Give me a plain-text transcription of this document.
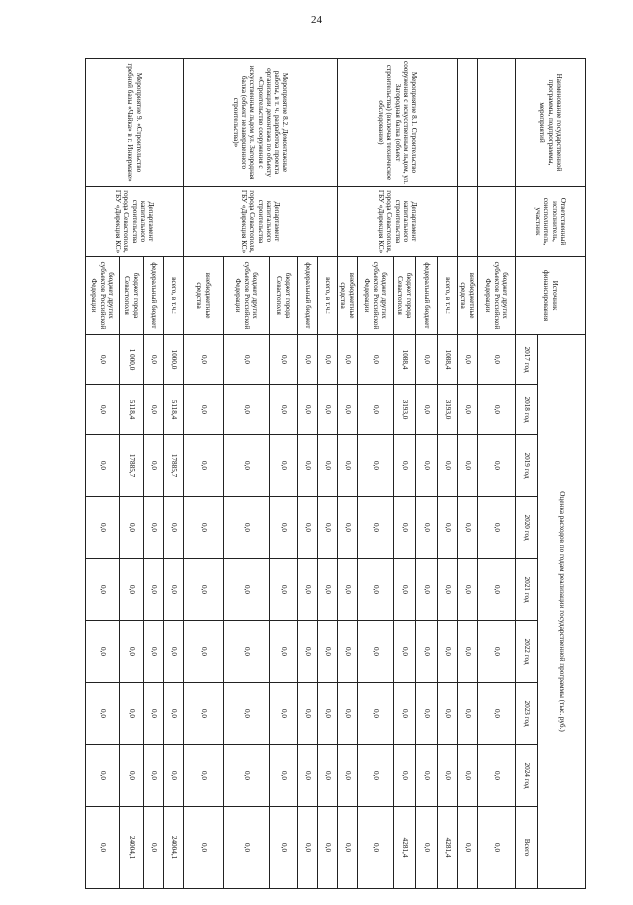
24
Наименование государственной программы, подпрограммы, мероприятий	Ответственный исполнитель, соисполнитель, участник	Источник финансирования	Оценка расходов по годам реализации государственной программы (тыс. руб.)								
			2017 год	2018 год	2019 год	2020 год	2021 год	2022 год	2023 год	2024 год	Всего
		бюджет других субъектов Российской Федерации	0,0	0,0	0,0	0,0	0,0	0,0	0,0	0,0	0,0
		внебюджетные средства	0,0	0,0	0,0	0,0	0,0	0,0	0,0	0,0	0,0
Мероприятие 8.1. Строительство сооружения с искусственным льдом, ул. Загородная балка (объект строительства) (включая техническое обследование)	Департамент капитального строительства города Севастополя, ГБУ «Дирекция КС»	всего, в т.ч.:	1088,4	3193,0	0,0	0,0	0,0	0,0	0,0	0,0	4281,4
		федеральный бюджет	0,0	0,0	0,0	0,0	0,0	0,0	0,0	0,0	0,0
		бюджет города Севастополя	1088,4	3193,0	0,0	0,0	0,0	0,0	0,0	0,0	4281,4
		бюджет других субъектов Российской Федерации	0,0	0,0	0,0	0,0	0,0	0,0	0,0	0,0	0,0
		внебюджетные средства	0,0	0,0	0,0	0,0	0,0	0,0	0,0	0,0	0,0
Мероприятие 8.2. Демонтажные работы, в т. ч. разработка проекта организации демонтажа по объекту «Строительство сооружения с искусственным льдом ул. Загородная балка (объект незавершенного строительства)»	Департамент капитального строительства города Севастополя, ГБУ «Дирекция КС»	всего, в т.ч.:	0,0	0,0	0,0	0,0	0,0	0,0	0,0	0,0	0,0
		федеральный бюджет	0,0	0,0	0,0	0,0	0,0	0,0	0,0	0,0	0,0
		бюджет города Севастополя	0,0	0,0	0,0	0,0	0,0	0,0	0,0	0,0	0,0
		бюджет других субъектов Российской Федерации	0,0	0,0	0,0	0,0	0,0	0,0	0,0	0,0	0,0
		внебюджетные средства	0,0	0,0	0,0	0,0	0,0	0,0	0,0	0,0	0,0
Мероприятие 9. «Строительство гребной базы «Чайка» в г. Инкермане»	Департамент капитального строительства города Севастополя, ГБУ «Дирекция КС»	всего, в т.ч.:	1000,0	5118,4	17885,7	0,0	0,0	0,0	0,0	0,0	24004,1
		федеральный бюджет	0,0	0,0	0,0	0,0	0,0	0,0	0,0	0,0	0,0
		бюджет города Севастополя	1 000,0	5118,4	17885,7	0,0	0,0	0,0	0,0	0,0	24004,1
		бюджет других субъектов Российской Федерации	0,0	0,0	0,0	0,0	0,0	0,0	0,0	0,0	0,0
